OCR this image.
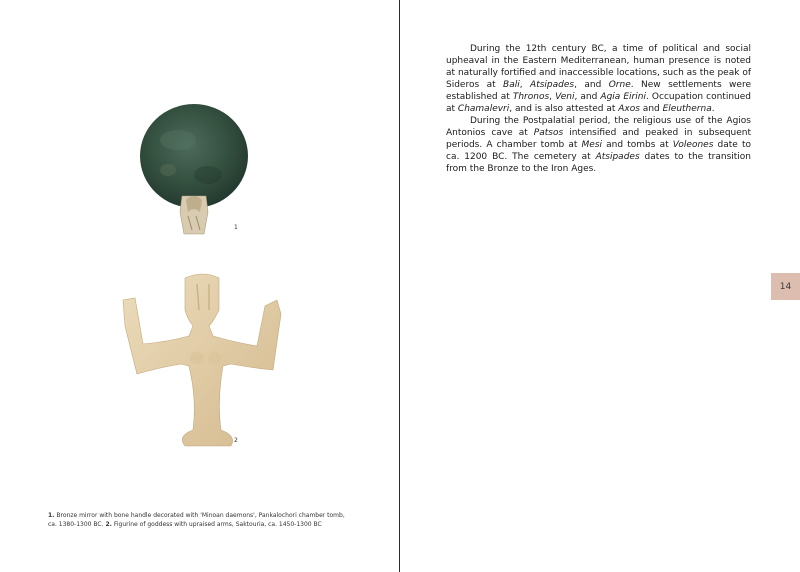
1
2
1. Bronze mirror with bone handle decorated with 'Minoan daemons', Pankalochori chamber tomb, ca. 1380-1300 BC. 2. Figurine of goddess with upraised arms, Saktouria, ca. 1450-1300 BC

During the 12th century BC, a time of political and social upheaval in the Eastern Mediterranean, human presence is noted at naturally fortified and inaccessible locations, such as the peak of Sideros at Bali, Atsipades, and Orne. New settlements were established at Thronos, Veni, and Agia Eirini. Occupation continued at Chamalevri, and is also attested at Axos and Eleutherna.

During the Postpalatial period, the religious use of the Agios Antonios cave at Patsos intensified and peaked in subsequent periods. A chamber tomb at Mesi and tombs at Voleones date to ca. 1200 BC. The cemetery at Atsipades dates to the transition from the Bronze to the Iron Ages.

14
